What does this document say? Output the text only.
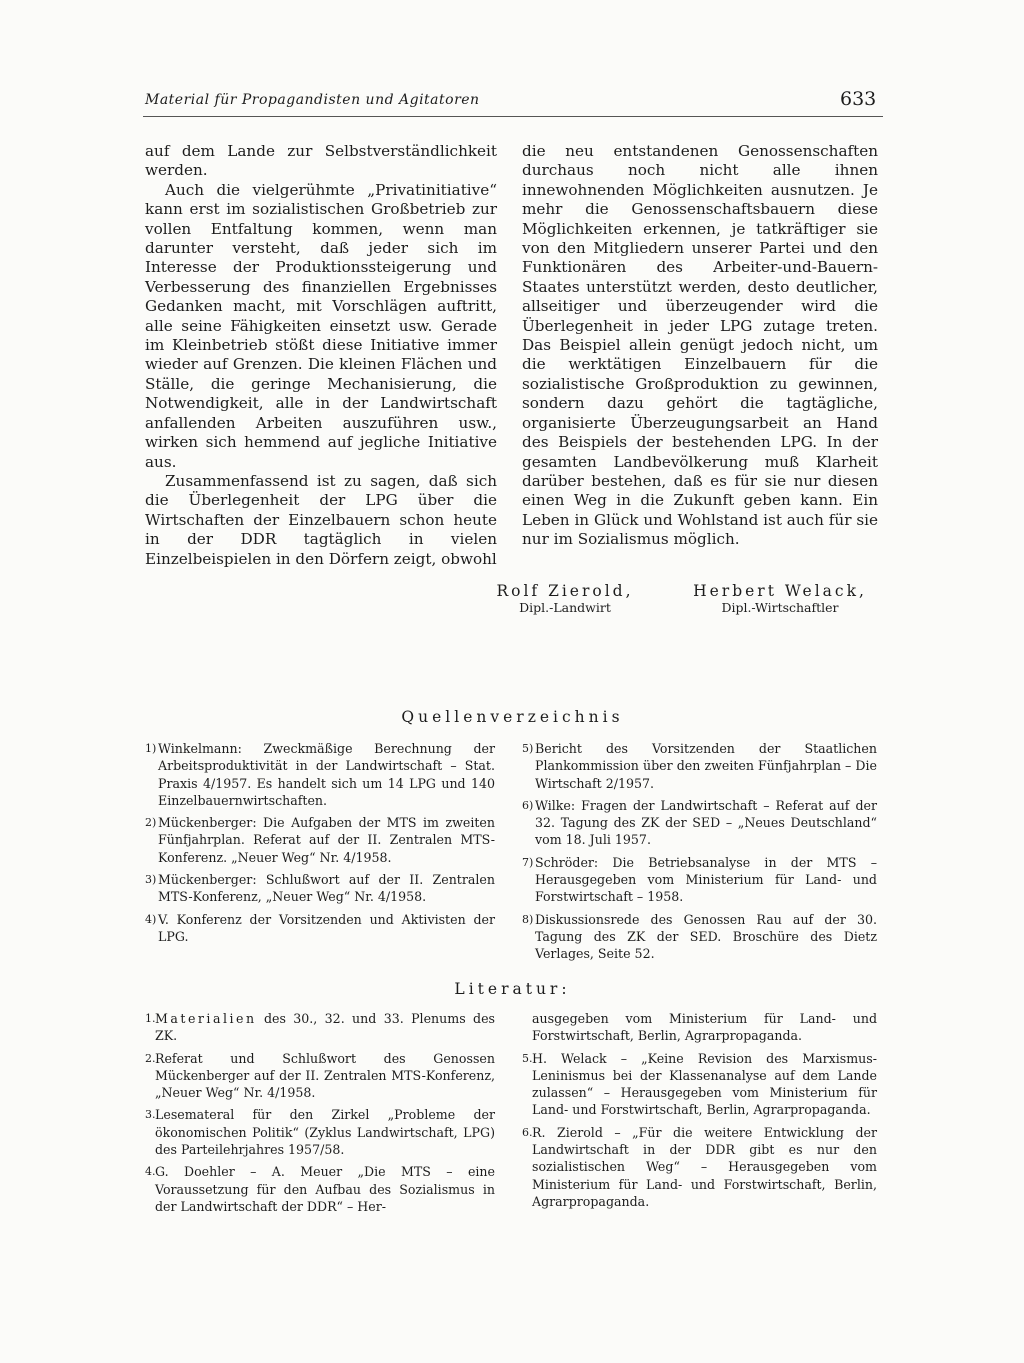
Material für Propagandisten und Agitatoren	633

auf dem Lande zur Selbstverständlichkeit werden.

Auch die vielgerühmte „Privatinitiative“ kann erst im sozialistischen Großbetrieb zur vollen Entfaltung kommen, wenn man darunter versteht, daß jeder sich im Interesse der Produktionssteigerung und Verbesserung des finanziellen Ergebnisses Gedanken macht, mit Vorschlägen auftritt, alle seine Fähigkeiten einsetzt usw. Gerade im Kleinbetrieb stößt diese Initiative immer wieder auf Grenzen. Die kleinen Flächen und Ställe, die geringe Mechanisierung, die Notwendigkeit, alle in der Landwirtschaft anfallenden Arbeiten auszuführen usw., wirken sich hemmend auf jegliche Initiative aus.

Zusammenfassend ist zu sagen, daß sich die Überlegenheit der LPG über die Wirtschaften der Einzelbauern schon heute in der DDR tagtäglich in vielen Einzelbeispielen in den Dörfern zeigt, obwohl

die neu entstandenen Genossenschaften durchaus noch nicht alle ihnen innewohnenden Möglichkeiten ausnutzen. Je mehr die Genossenschaftsbauern diese Möglichkeiten erkennen, je tatkräftiger sie von den Mitgliedern unserer Partei und den Funktionären des Arbeiter-und-Bauern-Staates unterstützt werden, desto deutlicher, allseitiger und überzeugender wird die Überlegenheit in jeder LPG zutage treten. Das Beispiel allein genügt jedoch nicht, um die werktätigen Einzelbauern für die sozialistische Großproduktion zu gewinnen, sondern dazu gehört die tagtägliche, organisierte Überzeugungsarbeit an Hand des Beispiels der bestehenden LPG. In der gesamten Landbevölkerung muß Klarheit darüber bestehen, daß es für sie nur diesen einen Weg in die Zukunft geben kann. Ein Leben in Glück und Wohlstand ist auch für sie nur im Sozialismus möglich.

Rolf Zierold,
Dipl.-Landwirt
Herbert Welack,
Dipl.-Wirtschaftler
Quellenverzeichnis
1) Winkelmann: Zweckmäßige Berechnung der Arbeitsproduktivität in der Landwirtschaft – Stat. Praxis 4/1957. Es handelt sich um 14 LPG und 140 Einzelbauernwirtschaften.
2) Mückenberger: Die Aufgaben der MTS im zweiten Fünfjahrplan. Referat auf der II. Zentralen MTS-Konferenz. „Neuer Weg“ Nr. 4/1958.
3) Mückenberger: Schlußwort auf der II. Zentralen MTS-Konferenz, „Neuer Weg“ Nr. 4/1958.
4) V. Konferenz der Vorsitzenden und Aktivisten der LPG.
5) Bericht des Vorsitzenden der Staatlichen Plankommission über den zweiten Fünfjahrplan – Die Wirtschaft 2/1957.
6) Wilke: Fragen der Landwirtschaft – Referat auf der 32. Tagung des ZK der SED – „Neues Deutschland“ vom 18. Juli 1957.
7) Schröder: Die Betriebsanalyse in der MTS – Herausgegeben vom Ministerium für Land- und Forstwirtschaft – 1958.
8) Diskussionsrede des Genossen Rau auf der 30. Tagung des ZK der SED. Broschüre des Dietz Verlages, Seite 52.
Literatur:
1. Materialien des 30., 32. und 33. Plenums des ZK.
2. Referat und Schlußwort des Genossen Mückenberger auf der II. Zentralen MTS-Konferenz, „Neuer Weg“ Nr. 4/1958.
3. Lesemateral für den Zirkel „Probleme der ökonomischen Politik“ (Zyklus Landwirtschaft, LPG) des Parteilehrjahres 1957/58.
4. G. Doehler – A. Meuer „Die MTS – eine Voraussetzung für den Aufbau des Sozialismus in der Landwirtschaft der DDR“ – Her-
ausgegeben vom Ministerium für Land- und Forstwirtschaft, Berlin, Agrarpropaganda.
5. H. Welack – „Keine Revision des Marxismus-Leninismus bei der Klassenanalyse auf dem Lande zulassen“ – Herausgegeben vom Ministerium für Land- und Forstwirtschaft, Berlin, Agrarpropaganda.
6. R. Zierold – „Für die weitere Entwicklung der Landwirtschaft in der DDR gibt es nur den sozialistischen Weg“ – Herausgegeben vom Ministerium für Land- und Forstwirtschaft, Berlin, Agrarpropaganda.
